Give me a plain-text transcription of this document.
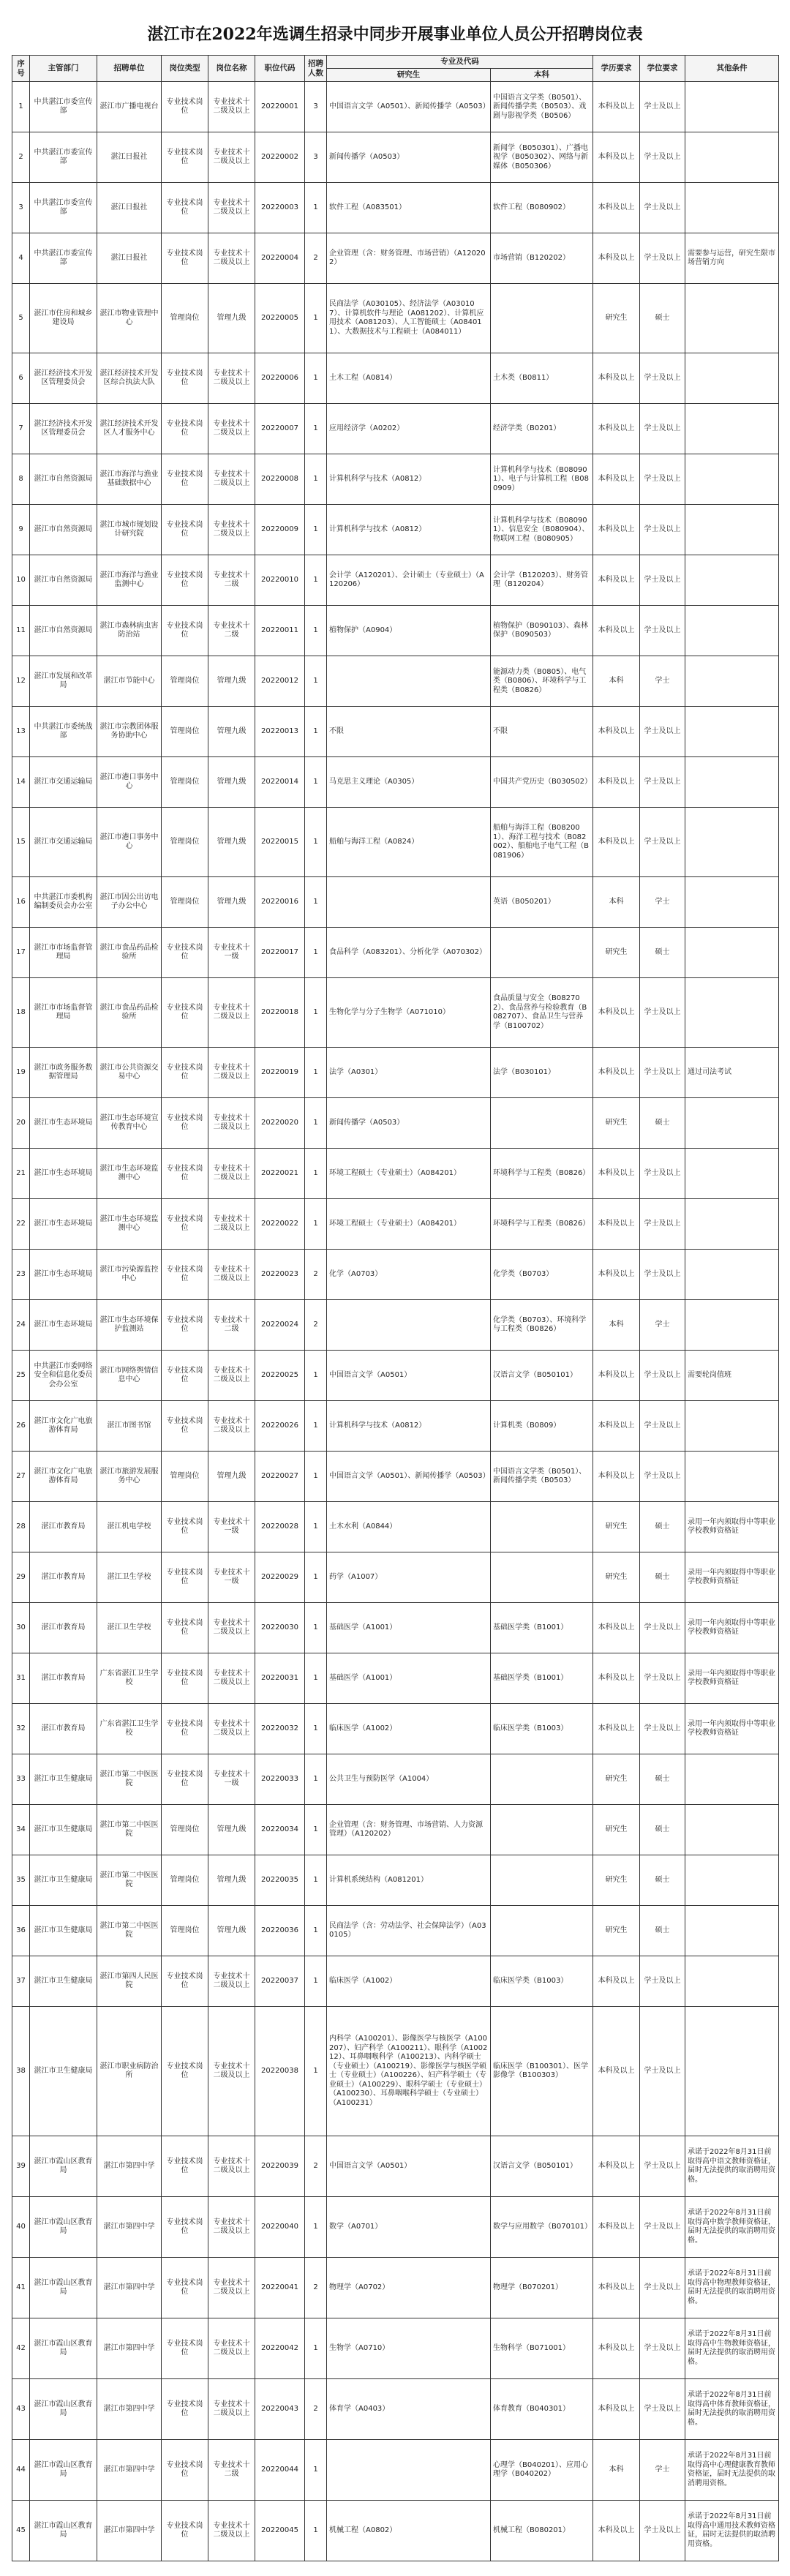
湛江市在2022年选调生招录中同步开展事业单位人员公开招聘岗位表
序号	主管部门	招聘单位	岗位类型	岗位名称	职位代码	招聘人数	专业及代码		学历要求	学位要求	其他条件
							研究生	本科			
1	中共湛江市委宣传部	湛江市广播电视台	专业技术岗位	专业技术十二级及以上	20220001	3	中国语言文学（A0501）、新闻传播学（A0503）	中国语言文学类（B0501）、新闻传播学类（B0503）、戏剧与影视学类（B0506）	本科及以上	学士及以上	
2	中共湛江市委宣传部	湛江日报社	专业技术岗位	专业技术十二级及以上	20220002	3	新闻传播学（A0503）	新闻学（B050301）、广播电视学（B050302）、网络与新媒体（B050306）	本科及以上	学士及以上	
3	中共湛江市委宣传部	湛江日报社	专业技术岗位	专业技术十二级及以上	20220003	1	软件工程（A083501）	软件工程（B080902）	本科及以上	学士及以上	
4	中共湛江市委宣传部	湛江日报社	专业技术岗位	专业技术十二级及以上	20220004	2	企业管理（含：财务管理、市场营销）（A120202）	市场营销（B120202）	本科及以上	学士及以上	需要参与运营，研究生限市场营销方向
5	湛江市住房和城乡建设局	湛江市物业管理中心	管理岗位	管理九级	20220005	1	民商法学（A030105）、经济法学（A030107）、计算机软件与理论（A081202）、计算机应用技术（A081203）、人工智能硕士（A084011）、大数据技术与工程硕士（A084011）		研究生	硕士	
6	湛江经济技术开发区管理委员会	湛江经济技术开发区综合执法大队	专业技术岗位	专业技术十二级及以上	20220006	1	土木工程（A0814）	土木类（B0811）	本科及以上	学士及以上	
7	湛江经济技术开发区管理委员会	湛江经济技术开发区人才服务中心	专业技术岗位	专业技术十二级及以上	20220007	1	应用经济学（A0202）	经济学类（B0201）	本科及以上	学士及以上	
8	湛江市自然资源局	湛江市海洋与渔业基础数据中心	专业技术岗位	专业技术十二级及以上	20220008	1	计算机科学与技术（A0812）	计算机科学与技术（B080901）、电子与计算机工程（B080909）	本科及以上	学士及以上	
9	湛江市自然资源局	湛江市城市规划设计研究院	专业技术岗位	专业技术十二级及以上	20220009	1	计算机科学与技术（A0812）	计算机科学与技术（B080901）、信息安全（B080904）、物联网工程（B080905）	本科及以上	学士及以上	
10	湛江市自然资源局	湛江市海洋与渔业监测中心	专业技术岗位	专业技术十二级	20220010	1	会计学（A120201）、会计硕士（专业硕士）（A120206）	会计学（B120203）、财务管理（B120204）	本科及以上	学士及以上	
11	湛江市自然资源局	湛江市森林病虫害防治站	专业技术岗位	专业技术十二级	20220011	1	植物保护（A0904）	植物保护（B090103）、森林保护（B090503）	本科及以上	学士及以上	
12	湛江市发展和改革局	湛江市节能中心	管理岗位	管理九级	20220012	1		能源动力类（B0805）、电气类（B0806）、环境科学与工程类（B0826）	本科	学士	
13	中共湛江市委统战部	湛江市宗教团体服务协助中心	管理岗位	管理九级	20220013	1	不限	不限	本科及以上	学士及以上	
14	湛江市交通运输局	湛江市港口事务中心	管理岗位	管理九级	20220014	1	马克思主义理论（A0305）	中国共产党历史（B030502）	本科及以上	学士及以上	
15	湛江市交通运输局	湛江市港口事务中心	管理岗位	管理九级	20220015	1	船舶与海洋工程（A0824）	船舶与海洋工程（B082001）、海洋工程与技术（B082002）、船舶电子电气工程（B081906）	本科及以上	学士及以上	
16	中共湛江市委机构编制委员会办公室	湛江市因公出访电子办公中心	管理岗位	管理九级	20220016	1		英语（B050201）	本科	学士	
17	湛江市市场监督管理局	湛江市食品药品检验所	专业技术岗位	专业技术十一级	20220017	1	食品科学（A083201）、分析化学（A070302）		研究生	硕士	
18	湛江市市场监督管理局	湛江市食品药品检验所	专业技术岗位	专业技术十二级及以上	20220018	1	生物化学与分子生物学（A071010）	食品质量与安全（B082702）、食品营养与检验教育（B082707）、食品卫生与营养学（B100702）	本科及以上	学士及以上	
19	湛江市政务服务数据管理局	湛江市公共资源交易中心	专业技术岗位	专业技术十二级及以上	20220019	1	法学（A0301）	法学（B030101）	本科及以上	学士及以上	通过司法考试
20	湛江市生态环境局	湛江市生态环境宣传教育中心	专业技术岗位	专业技术十二级及以上	20220020	1	新闻传播学（A0503）		研究生	硕士	
21	湛江市生态环境局	湛江市生态环境监测中心	专业技术岗位	专业技术十二级及以上	20220021	1	环境工程硕士（专业硕士）（A084201）	环境科学与工程类（B0826）	本科及以上	学士及以上	
22	湛江市生态环境局	湛江市生态环境监测中心	专业技术岗位	专业技术十二级及以上	20220022	1	环境工程硕士（专业硕士）（A084201）	环境科学与工程类（B0826）	本科及以上	学士及以上	
23	湛江市生态环境局	湛江市污染源监控中心	专业技术岗位	专业技术十二级及以上	20220023	2	化学（A0703）	化学类（B0703）	本科及以上	学士及以上	
24	湛江市生态环境局	湛江市生态环境保护监测站	专业技术岗位	专业技术十二级	20220024	2		化学类（B0703）、环境科学与工程类（B0826）	本科	学士	
25	中共湛江市委网络安全和信息化委员会办公室	湛江市网络舆情信息中心	专业技术岗位	专业技术十二级及以上	20220025	1	中国语言文学（A0501）	汉语言文学（B050101）	本科及以上	学士及以上	需要轮岗值班
26	湛江市文化广电旅游体育局	湛江市图书馆	专业技术岗位	专业技术十二级及以上	20220026	1	计算机科学与技术（A0812）	计算机类（B0809）	本科及以上	学士及以上	
27	湛江市文化广电旅游体育局	湛江市旅游发展服务中心	管理岗位	管理九级	20220027	1	中国语言文学（A0501）、新闻传播学（A0503）	中国语言文学类（B0501）、新闻传播学类（B0503）	本科及以上	学士及以上	
28	湛江市教育局	湛江机电学校	专业技术岗位	专业技术十一级	20220028	1	土木水利（A0844）		研究生	硕士	录用一年内须取得中等职业学校教师资格证
29	湛江市教育局	湛江卫生学校	专业技术岗位	专业技术十一级	20220029	1	药学（A1007）		研究生	硕士	录用一年内须取得中等职业学校教师资格证
30	湛江市教育局	湛江卫生学校	专业技术岗位	专业技术十二级及以上	20220030	1	基础医学（A1001）	基础医学类（B1001）	本科及以上	学士及以上	录用一年内须取得中等职业学校教师资格证
31	湛江市教育局	广东省湛江卫生学校	专业技术岗位	专业技术十二级及以上	20220031	1	基础医学（A1001）	基础医学类（B1001）	本科及以上	学士及以上	录用一年内须取得中等职业学校教师资格证
32	湛江市教育局	广东省湛江卫生学校	专业技术岗位	专业技术十二级及以上	20220032	1	临床医学（A1002）	临床医学类（B1003）	本科及以上	学士及以上	录用一年内须取得中等职业学校教师资格证
33	湛江市卫生健康局	湛江市第二中医医院	专业技术岗位	专业技术十一级	20220033	1	公共卫生与预防医学（A1004）		研究生	硕士	
34	湛江市卫生健康局	湛江市第二中医医院	管理岗位	管理九级	20220034	1	企业管理（含：财务管理、市场营销、人力资源管理）（A120202）		研究生	硕士	
35	湛江市卫生健康局	湛江市第二中医医院	管理岗位	管理九级	20220035	1	计算机系统结构（A081201）		研究生	硕士	
36	湛江市卫生健康局	湛江市第二中医医院	管理岗位	管理九级	20220036	1	民商法学（含：劳动法学、社会保障法学）（A030105）		研究生	硕士	
37	湛江市卫生健康局	湛江市第四人民医院	专业技术岗位	专业技术十二级及以上	20220037	1	临床医学（A1002）	临床医学类（B1003）	本科及以上	学士及以上	
38	湛江市卫生健康局	湛江市职业病防治所	专业技术岗位	专业技术十二级及以上	20220038	1	内科学（A100201）、影像医学与核医学（A100207）、妇产科学（A100211）、眼科学（A100212）、耳鼻咽喉科学（A100213）、内科学硕士（专业硕士）（A100219）、影像医学与核医学硕士（专业硕士）（A100226）、妇产科学硕士（专业硕士）（A100229）、眼科学硕士（专业硕士）（A100230）、耳鼻咽喉科学硕士（专业硕士）（A100231）	临床医学（B100301）、医学影像学（B100303）	本科及以上	学士及以上	
39	湛江市霞山区教育局	湛江市第四中学	专业技术岗位	专业技术十二级及以上	20220039	2	中国语言文学（A0501）	汉语言文学（B050101）	本科及以上	学士及以上	承诺于2022年8月31日前取得高中语文教师资格证，届时无法提供的取消聘用资格。
40	湛江市霞山区教育局	湛江市第四中学	专业技术岗位	专业技术十二级及以上	20220040	1	数学（A0701）	数学与应用数学（B070101）	本科及以上	学士及以上	承诺于2022年8月31日前取得高中数学教师资格证，届时无法提供的取消聘用资格。
41	湛江市霞山区教育局	湛江市第四中学	专业技术岗位	专业技术十二级及以上	20220041	2	物理学（A0702）	物理学（B070201）	本科及以上	学士及以上	承诺于2022年8月31日前取得高中物理教师资格证，届时无法提供的取消聘用资格。
42	湛江市霞山区教育局	湛江市第四中学	专业技术岗位	专业技术十二级及以上	20220042	1	生物学（A0710）	生物科学（B071001）	本科及以上	学士及以上	承诺于2022年8月31日前取得高中生物教师资格证，届时无法提供的取消聘用资格。
43	湛江市霞山区教育局	湛江市第四中学	专业技术岗位	专业技术十二级及以上	20220043	2	体育学（A0403）	体育教育（B040301）	本科及以上	学士及以上	承诺于2022年8月31日前取得高中体育教师资格证，届时无法提供的取消聘用资格。
44	湛江市霞山区教育局	湛江市第四中学	专业技术岗位	专业技术十二级	20220044	1		心理学（B040201）、应用心理学（B040202）	本科	学士	承诺于2022年8月31日前取得高中心理健康教育教师资格证，届时无法提供的取消聘用资格。
45	湛江市霞山区教育局	湛江市第四中学	专业技术岗位	专业技术十二级及以上	20220045	1	机械工程（A0802）	机械工程（B080201）	本科及以上	学士及以上	承诺于2022年8月31日前取得高中通用技术教师资格证，届时无法提供的取消聘用资格。
